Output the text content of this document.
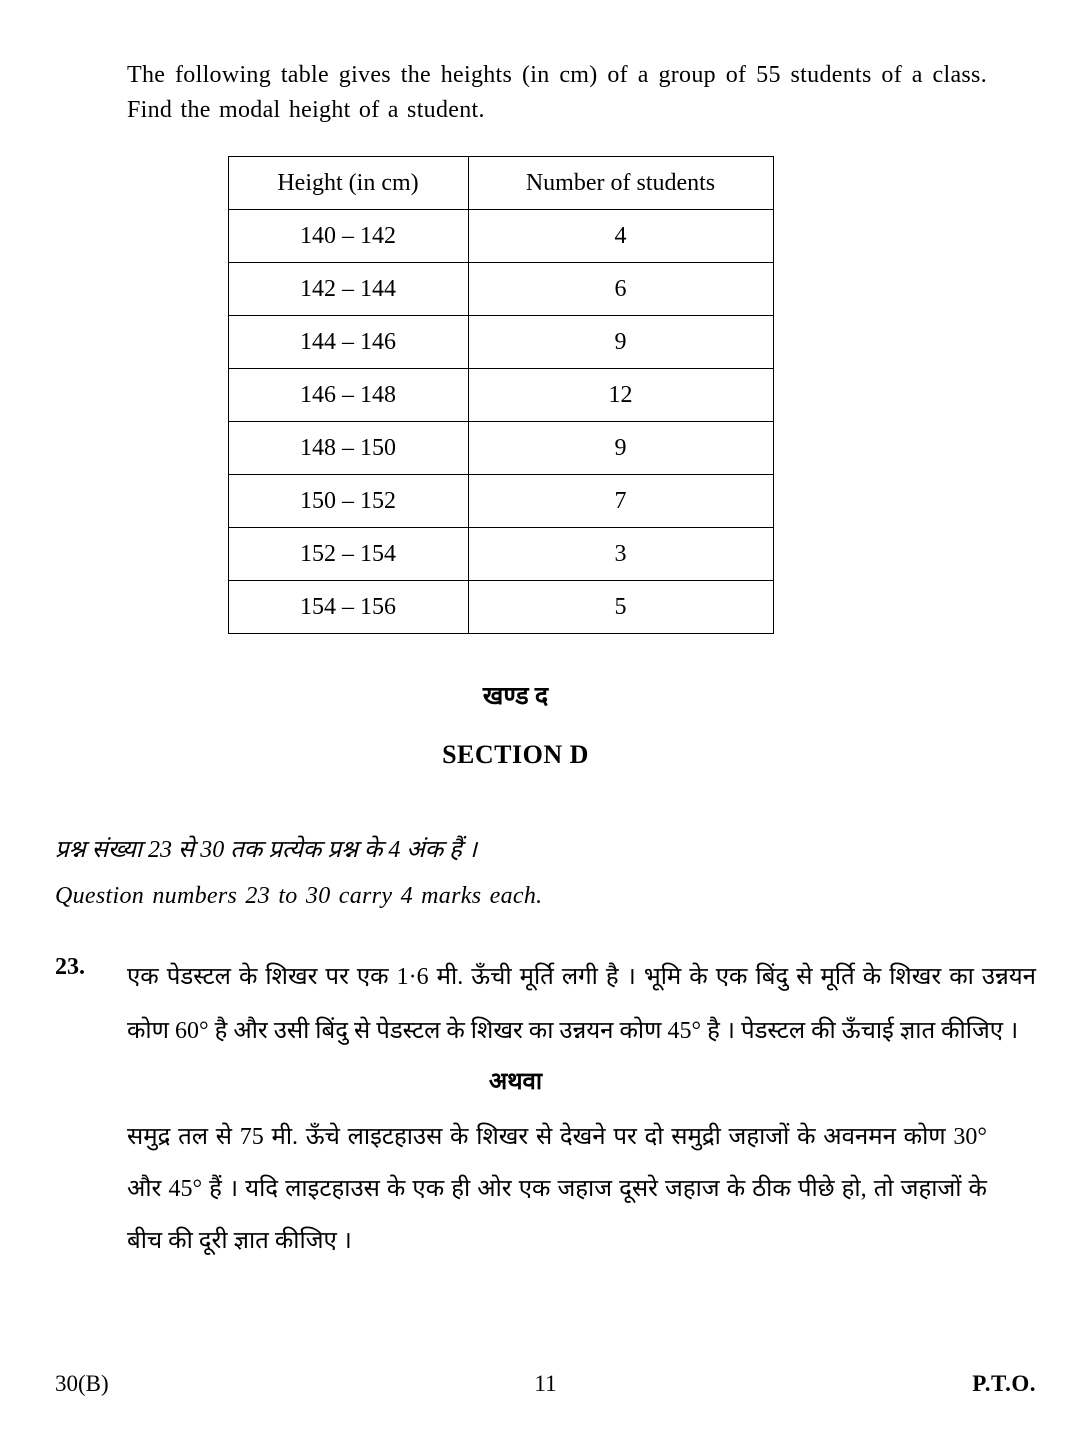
The following table gives the heights (in cm) of a group of 55 students of a class. Find the modal height of a student.

Height (in cm)	Number of students
140 – 142	4
142 – 144	6
144 – 146	9
146 – 148	12
148 – 150	9
150 – 152	7
152 – 154	3
154 – 156	5
खण्ड द
SECTION D
प्रश्न संख्या 23 से 30 तक प्रत्येक प्रश्न के 4 अंक हैं ।
Question numbers 23 to 30 carry 4 marks each.
23.	एक पेडस्टल के शिखर पर एक 1·6 मी. ऊँची मूर्ति लगी है । भूमि के एक बिंदु से मूर्ति के शिखर का उन्नयन कोण 60° है और उसी बिंदु से पेडस्टल के शिखर का उन्नयन कोण 45° है । पेडस्टल की ऊँचाई ज्ञात कीजिए ।
अथवा
समुद्र तल से 75 मी. ऊँचे लाइटहाउस के शिखर से देखने पर दो समुद्री जहाजों के अवनमन कोण 30° और 45° हैं । यदि लाइटहाउस के एक ही ओर एक जहाज दूसरे जहाज के ठीक पीछे हो, तो जहाजों के बीच की दूरी ज्ञात कीजिए ।
30(B)	11	P.T.O.
